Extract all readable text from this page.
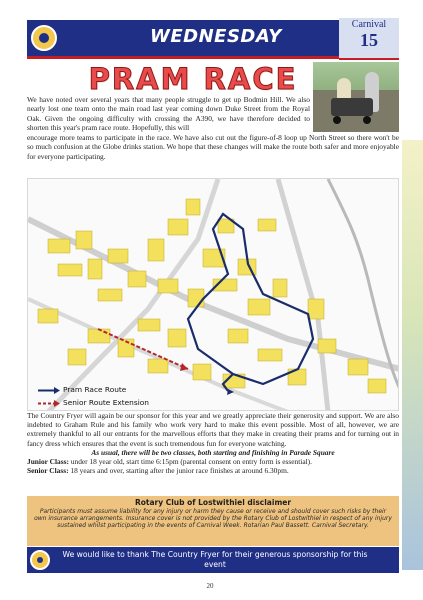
WEDNESDAY
Carnival
15
PRAM RACE
We have noted over several years that many people struggle to get up Bodmin Hill. We also nearly lost one team onto the main road last year coming down Duke Street from the Royal Oak. Given the ongoing difficulty with crossing the A390, we have therefore decided to shorten this year's pram race route. Hopefully, this will
encourage more teams to participate in the race. We have also cut out the figure-of-8 loop up North Street so there won't be so much confusion at the Globe drinks station. We hope that these changes will make the route both safer and more enjoyable for everyone participating.
Pram Race Route
Senior Route Extension

The Country Fryer will again be our sponsor for this year and we greatly appreciate their generosity and support. We are also indebted to Graham Rule and his family who work very hard to make this event possible. Most of all, however, we are extremely thankful to all our entrants for the marvellous efforts that they make in creating their prams and for turning out in fancy dress which ensures that the event is such tremendous fun for everyone watching.

As usual, there will be two classes, both starting and finishing in Parade Square

Junior Class: under 18 year old, start time 6:15pm (parental consent on entry form is essential).

Senior Class: 18 years and over, starting after the junior race finishes at around 6.30pm.

Rotary Club of Lostwithiel disclaimer
Participants must assume liability for any injury or harm they cause or receive and should cover such risks by their own insurance arrangements. Insurance cover is not provided by the Rotary Club of Lostwithiel in respect of any injury sustained whilst participating in the events of Carnival Week. Rotarian Paul Bassett. Carnival Secretary.
We would like to thank The Country Fryer for their generous sponsorship for this event
20
